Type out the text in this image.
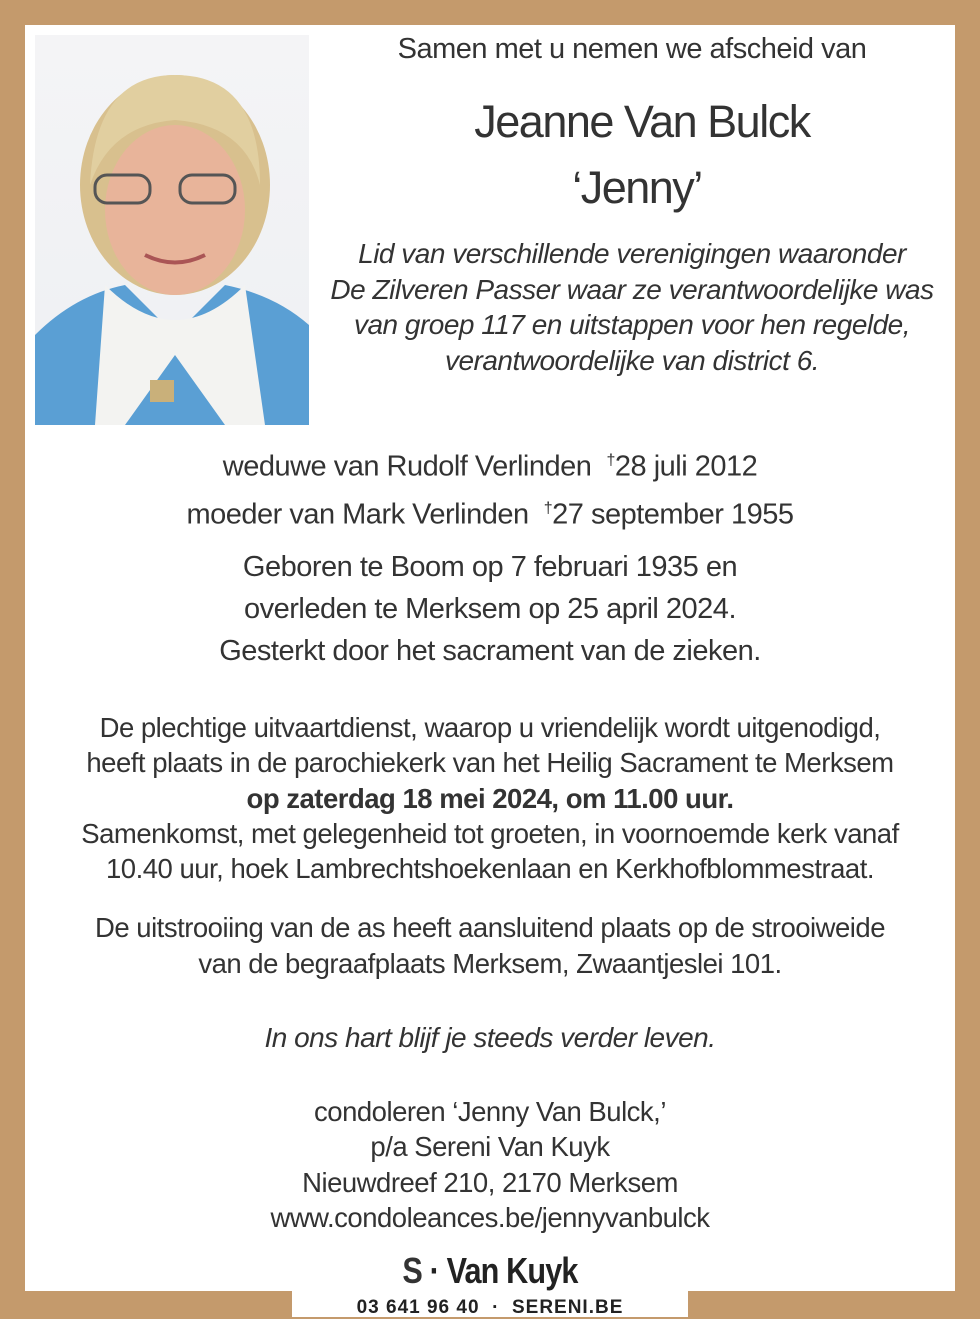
Samen met u nemen we afscheid van
Jeanne Van Bulck
‘Jenny’
Lid van verschillende verenigingen waaronder
De Zilveren Passer waar ze verantwoordelijke was
van groep 117 en uitstappen voor hen regelde,
verantwoordelijke van district 6.
weduwe van Rudolf Verlinden †28 juli 2012
moeder van Mark Verlinden †27 september 1955
Geboren te Boom op 7 februari 1935 en
overleden te Merksem op 25 april 2024.
Gesterkt door het sacrament van de zieken.
De plechtige uitvaartdienst, waarop u vriendelijk wordt uitgenodigd,
heeft plaats in de parochiekerk van het Heilig Sacrament te Merksem
op zaterdag 18 mei 2024, om 11.00 uur.
Samenkomst, met gelegenheid tot groeten, in voornoemde kerk vanaf
10.40 uur, hoek Lambrechtshoekenlaan en Kerkhofblommestraat.
De uitstrooiing van de as heeft aansluitend plaats op de strooiweide
van de begraafplaats Merksem, Zwaantjeslei 101.
In ons hart blijf je steeds verder leven.
condoleren ‘Jenny Van Bulck,’
p/a Sereni Van Kuyk
Nieuwdreef 210, 2170 Merksem
www.condoleances.be/jennyvanbulck
S · Van Kuyk
03 641 96 40  ·  SERENI.BE
